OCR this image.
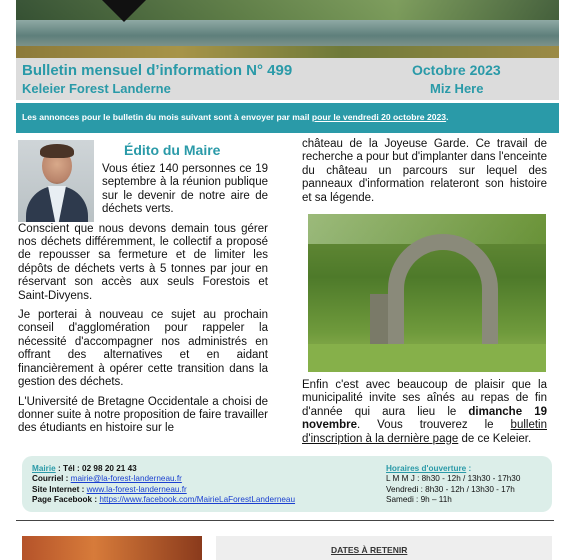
Bulletin mensuel d’information N° 499
Keleier Forest Landerne
Octobre 2023
Miz Here
Les annonces pour le bulletin du mois suivant sont à envoyer par mail pour le vendredi 20 octobre 2023.
Édito du Maire

Vous étiez 140 personnes ce 19 septembre à la réunion publique sur le devenir de notre aire de déchets verts.

Conscient que nous devons demain tous gérer nos déchets différemment, le collectif a proposé de repousser sa fermeture et de limiter les dépôts de déchets verts à 5 tonnes par jour en réservant son accès aux seuls Forestois et Saint-Divyens.

Je porterai à nouveau ce sujet au prochain conseil d'agglomération pour rappeler la nécessité d'accompagner nos administrés en offrant des alternatives et en aidant financièrement à opérer cette transition dans la gestion des déchets.

L'Université de Bretagne Occidentale a choisi de donner suite à notre proposition de faire travailler des étudiants en histoire sur le

château de la Joyeuse Garde. Ce travail de recherche a pour but d'implanter dans l'enceinte du château un parcours sur lequel des panneaux d'information relateront son histoire et sa légende.

Enfin c'est avec beaucoup de plaisir que la municipalité invite ses aînés au repas de fin d'année qui aura lieu le dimanche 19 novembre. Vous trouverez le bulletin d'inscription à la dernière page de ce Keleier.
Mairie : Tél : 02 98 20 21 43
Courriel : mairie@la-forest-landerneau.fr
Site Internet : www.la-forest-landerneau.fr
Page Facebook : https://www.facebook.com/MairieLaForestLanderneau
Horaires d'ouverture :
L M M J : 8h30 - 12h / 13h30 - 17h30
Vendredi : 8h30 - 12h / 13h30 - 17h
Samedi : 9h – 11h
DATES À RETENIR
